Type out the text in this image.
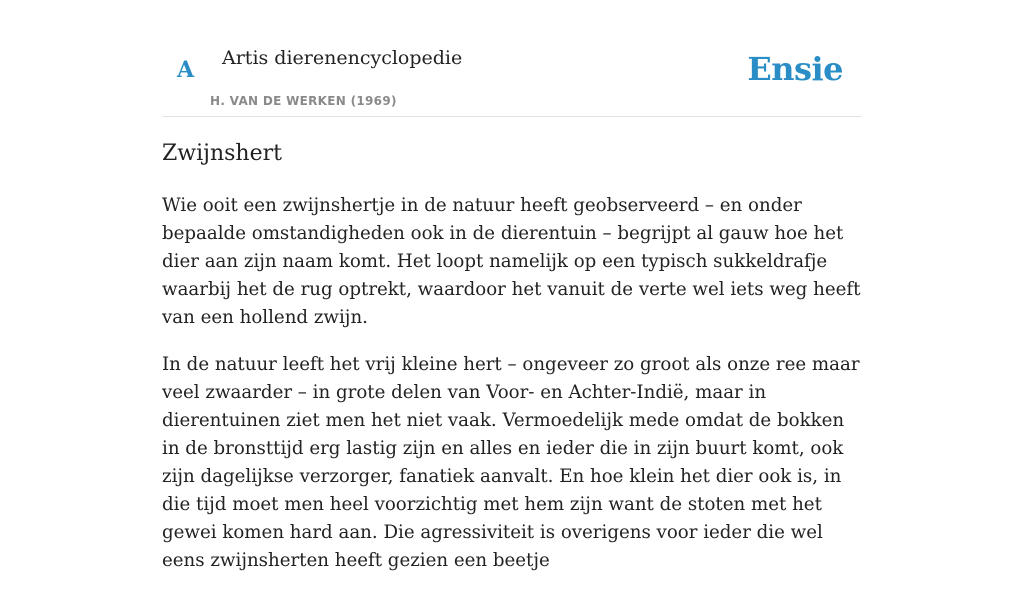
A Artis dierenencyclopedie
H. VAN DE WERKEN (1969)
Ensie
Zwijnshert

Wie ooit een zwijnshertje in de natuur heeft geobserveerd – en onder bepaalde omstandigheden ook in de dierentuin – begrijpt al gauw hoe het dier aan zijn naam komt. Het loopt namelijk op een typisch sukkeldrafje waarbij het de rug optrekt, waardoor het vanuit de verte wel iets weg heeft van een hollend zwijn.

In de natuur leeft het vrij kleine hert – ongeveer zo groot als onze ree maar veel zwaarder – in grote delen van Voor- en Achter-Indië, maar in dierentuinen ziet men het niet vaak. Vermoedelijk mede omdat de bokken in de bronsttijd erg lastig zijn en alles en ieder die in zijn buurt komt, ook zijn dagelijkse verzorger, fanatiek aanvalt. En hoe klein het dier ook is, in die tijd moet men heel voorzichtig met hem zijn want de stoten met het gewei komen hard aan. Die agressiviteit is overigens voor ieder die wel eens zwijnsherten heeft gezien een beetje
